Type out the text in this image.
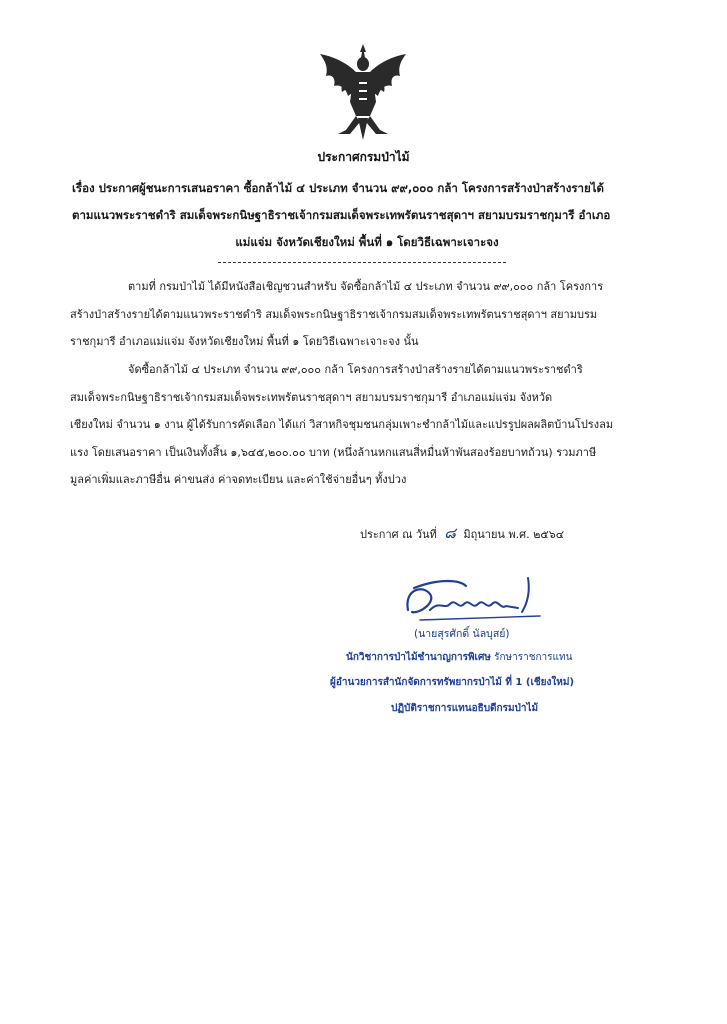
ประกาศกรมป่าไม้
เรื่อง ประกาศผู้ชนะการเสนอราคา ซื้อกล้าไม้ ๔ ประเภท จำนวน ๙๙,๐๐๐ กล้า โครงการสร้างป่าสร้างรายได้
ตามแนวพระราชดำริ สมเด็จพระกนิษฐาธิราชเจ้ากรมสมเด็จพระเทพรัตนราชสุดาฯ สยามบรมราชกุมารี อำเภอ
แม่แจ่ม จังหวัดเชียงใหม่ พื้นที่ ๑ โดยวิธีเฉพาะเจาะจง
ตามที่ กรมป่าไม้ ได้มีหนังสือเชิญชวนสำหรับ จัดซื้อกล้าไม้ ๔ ประเภท จำนวน ๙๙,๐๐๐ กล้า โครงการ
สร้างป่าสร้างรายได้ตามแนวพระราชดำริ สมเด็จพระกนิษฐาธิราชเจ้ากรมสมเด็จพระเทพรัตนราชสุดาฯ สยามบรม
ราชกุมารี อำเภอแม่แจ่ม จังหวัดเชียงใหม่ พื้นที่ ๑ โดยวิธีเฉพาะเจาะจง นั้น
จัดซื้อกล้าไม้ ๔ ประเภท จำนวน ๙๙,๐๐๐ กล้า โครงการสร้างป่าสร้างรายได้ตามแนวพระราชดำริ
สมเด็จพระกนิษฐาธิราชเจ้ากรมสมเด็จพระเทพรัตนราชสุดาฯ สยามบรมราชกุมารี อำเภอแม่แจ่ม จังหวัด
เชียงใหม่ จำนวน ๑ งาน ผู้ได้รับการคัดเลือก ได้แก่ วิสาหกิจชุมชนกลุ่มเพาะชำกล้าไม้และแปรรูปผลผลิตบ้านโปรงลม
แรง โดยเสนอราคา เป็นเงินทั้งสิ้น ๑,๖๔๕,๒๐๐.๐๐ บาท (หนึ่งล้านหกแสนสี่หมื่นห้าพันสองร้อยบาทถ้วน) รวมภาษี
มูลค่าเพิ่มและภาษีอื่น ค่าขนส่ง ค่าจดทะเบียน และค่าใช้จ่ายอื่นๆ ทั้งปวง
ประกาศ ณ วันที่ ๘ มิถุนายน พ.ศ. ๒๕๖๔
(นายสุรศักดิ์ นัลบุสย์)
นักวิชาการป่าไม้ชำนาญการพิเศษ รักษาราชการแทน
ผู้อำนวยการสำนักจัดการทรัพยากรป่าไม้ ที่ 1 (เชียงใหม่)
ปฏิบัติราชการแทนอธิบดีกรมป่าไม้
